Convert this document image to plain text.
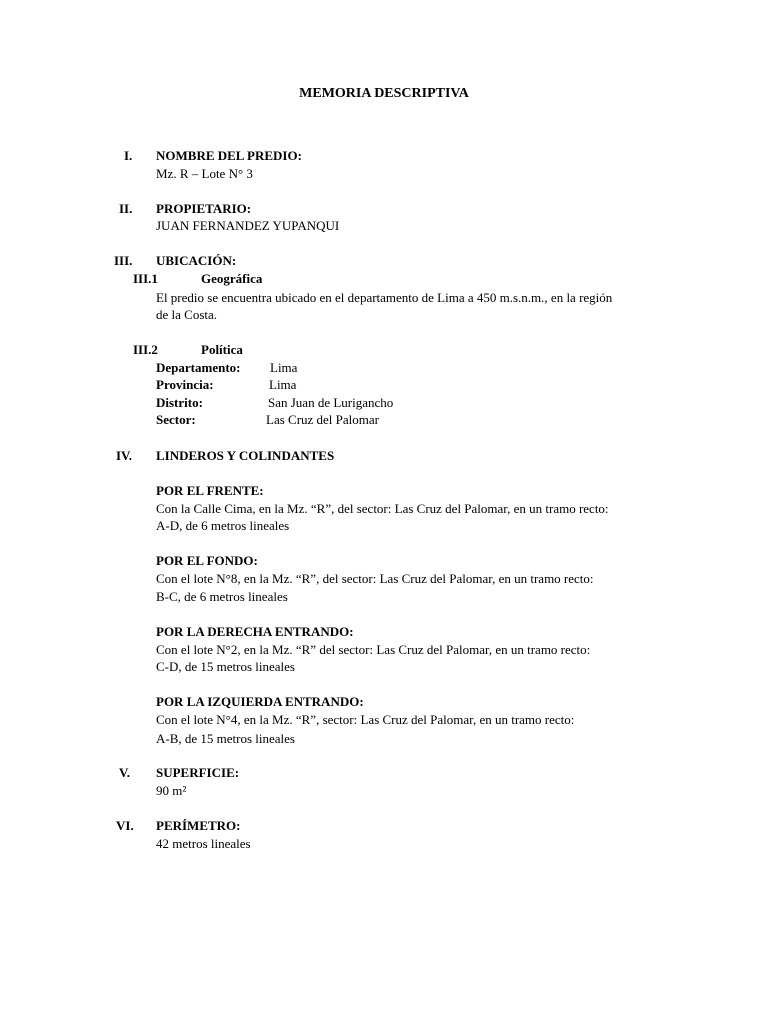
MEMORIA DESCRIPTIVA
I. NOMBRE DEL PREDIO:
Mz. R – Lote N° 3
II. PROPIETARIO:
JUAN FERNANDEZ YUPANQUI
III. UBICACIÓN:
III.1	Geográfica
El predio se encuentra ubicado en el departamento de Lima a 450 m.s.n.m., en la región
de la Costa.
III.2	Política
Departamento: Lima
Provincia:	Lima
Distrito:	San Juan de Lurigancho
Sector:	Las Cruz del Palomar
IV. LINDEROS Y COLINDANTES
POR EL FRENTE:
Con la Calle Cima, en la Mz. “R”, del sector: Las Cruz del Palomar, en un tramo recto:
A-D, de 6 metros lineales
POR EL FONDO:
Con el lote N°8, en la Mz. “R”, del sector: Las Cruz del Palomar, en un tramo recto:
B-C, de 6 metros lineales
POR LA DERECHA ENTRANDO:
Con el lote N°2, en la Mz. “R” del sector: Las Cruz del Palomar, en un tramo recto:
C-D, de 15 metros lineales
POR LA IZQUIERDA ENTRANDO:
Con el lote N°4, en la Mz. “R”, sector: Las Cruz del Palomar, en un tramo recto:
A-B, de 15 metros lineales
V. SUPERFICIE:
90 m²
VI. PERÍMETRO:
42 metros lineales
